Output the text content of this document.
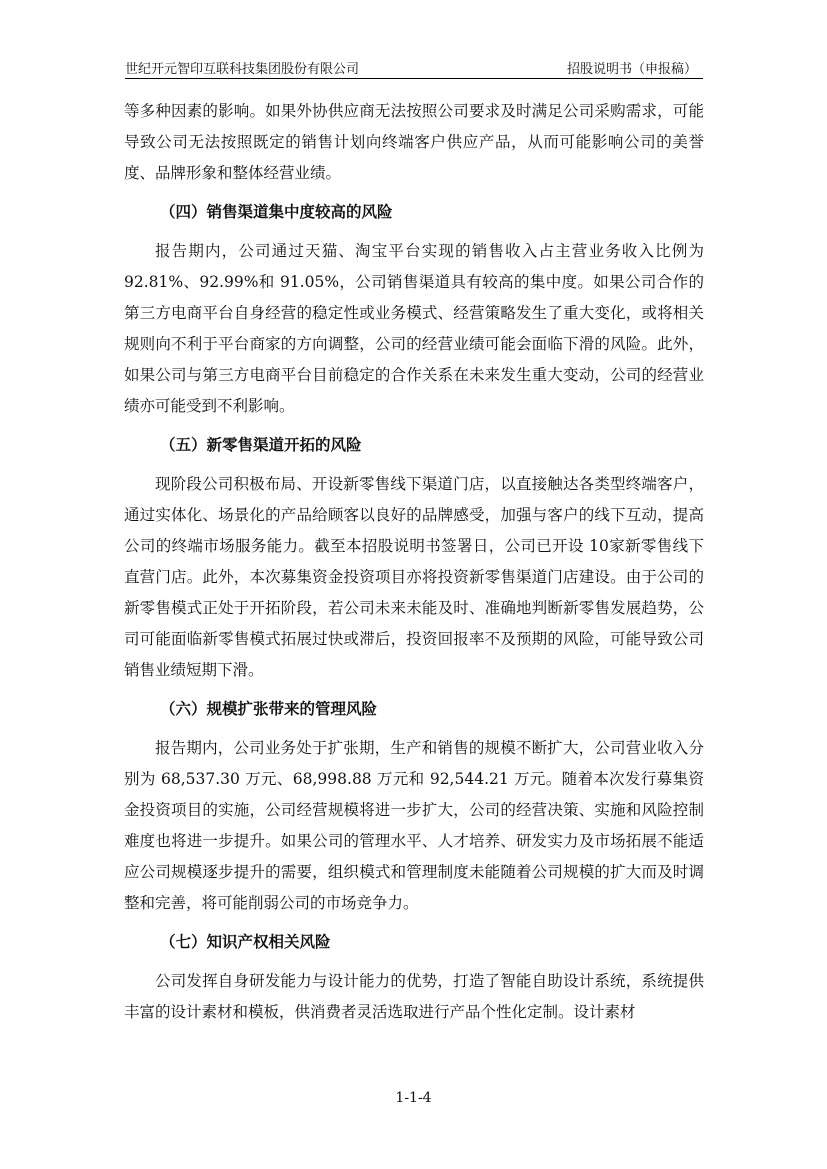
世纪开元智印互联科技集团股份有限公司	招股说明书（申报稿）

等多种因素的影响。如果外协供应商无法按照公司要求及时满足公司采购需求，可能导致公司无法按照既定的销售计划向终端客户供应产品，从而可能影响公司的美誉度、品牌形象和整体经营业绩。

（四）销售渠道集中度较高的风险

报告期内，公司通过天猫、淘宝平台实现的销售收入占主营业务收入比例为92.81%、92.99%和 91.05%，公司销售渠道具有较高的集中度。如果公司合作的第三方电商平台自身经营的稳定性或业务模式、经营策略发生了重大变化，或将相关规则向不利于平台商家的方向调整，公司的经营业绩可能会面临下滑的风险。此外，如果公司与第三方电商平台目前稳定的合作关系在未来发生重大变动，公司的经营业绩亦可能受到不利影响。

（五）新零售渠道开拓的风险

现阶段公司积极布局、开设新零售线下渠道门店，以直接触达各类型终端客户，通过实体化、场景化的产品给顾客以良好的品牌感受，加强与客户的线下互动，提高公司的终端市场服务能力。截至本招股说明书签署日，公司已开设 10家新零售线下直营门店。此外，本次募集资金投资项目亦将投资新零售渠道门店建设。由于公司的新零售模式正处于开拓阶段，若公司未来未能及时、准确地判断新零售发展趋势，公司可能面临新零售模式拓展过快或滞后，投资回报率不及预期的风险，可能导致公司销售业绩短期下滑。

（六）规模扩张带来的管理风险

报告期内，公司业务处于扩张期，生产和销售的规模不断扩大，公司营业收入分别为 68,537.30 万元、68,998.88 万元和 92,544.21 万元。随着本次发行募集资金投资项目的实施，公司经营规模将进一步扩大，公司的经营决策、实施和风险控制难度也将进一步提升。如果公司的管理水平、人才培养、研发实力及市场拓展不能适应公司规模逐步提升的需要，组织模式和管理制度未能随着公司规模的扩大而及时调整和完善，将可能削弱公司的市场竞争力。

（七）知识产权相关风险

公司发挥自身研发能力与设计能力的优势，打造了智能自助设计系统，系统提供丰富的设计素材和模板，供消费者灵活选取进行产品个性化定制。设计素材

1-1-4
